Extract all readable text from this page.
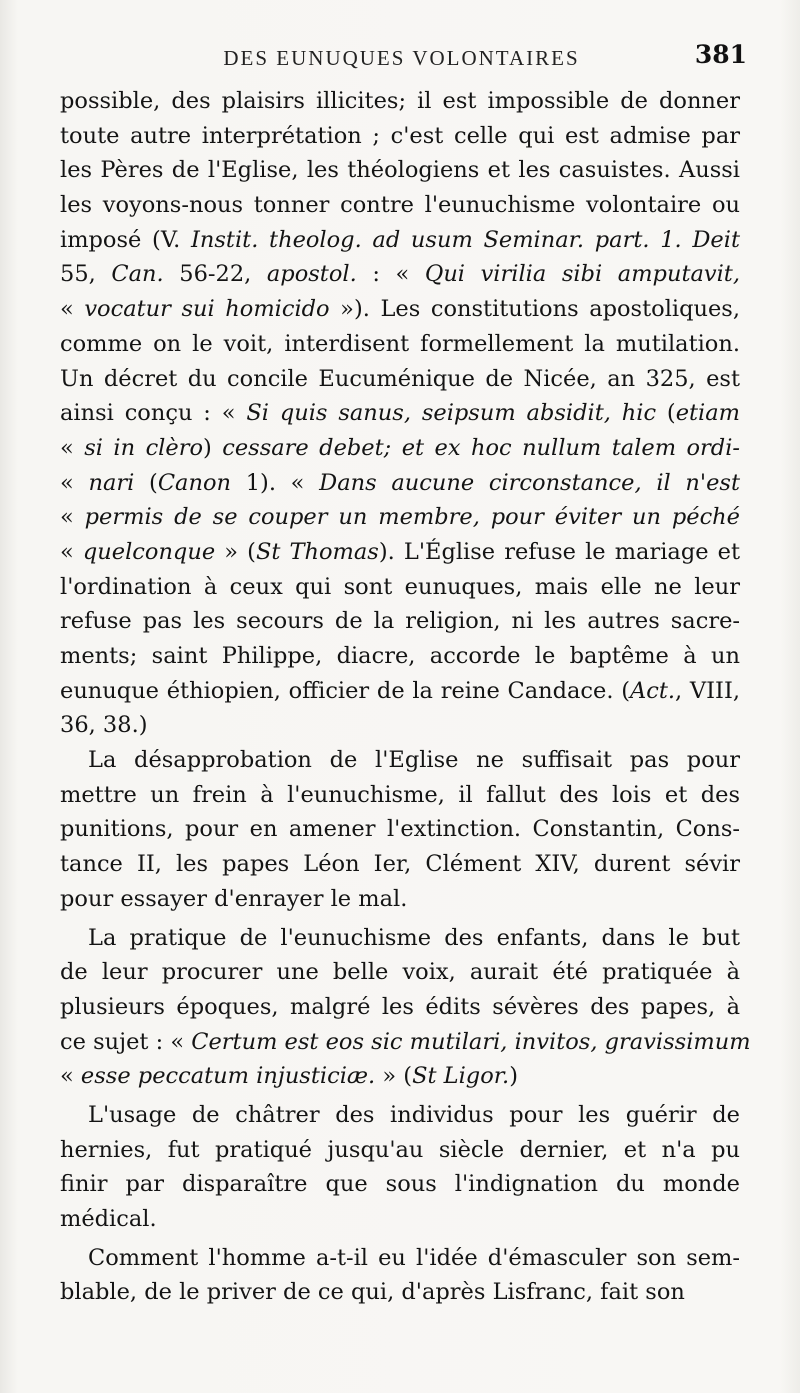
DES EUNUQUES VOLONTAIRES	381
possible, des plaisirs illicites; il est impossible de donner
toute autre interprétation ; c'est celle qui est admise par
les Pères de l'Eglise, les théologiens et les casuistes. Aussi
les voyons-nous tonner contre l'eunuchisme volontaire ou
imposé (V. Instit. theolog. ad usum Seminar. part. 1. Deit
55, Can. 56-22, apostol. : « Qui virilia sibi amputavit,
« vocatur sui homicido »). Les constitutions apostoliques,
comme on le voit, interdisent formellement la mutilation.
Un décret du concile Eucuménique de Nicée, an 325, est
ainsi conçu : « Si quis sanus, seipsum absidit, hic (etiam
« si in clèro) cessare debet; et ex hoc nullum talem ordi-
« nari (Canon 1). « Dans aucune circonstance, il n'est
« permis de se couper un membre, pour éviter un péché
« quelconque » (St Thomas). L'Église refuse le mariage et
l'ordination à ceux qui sont eunuques, mais elle ne leur
refuse pas les secours de la religion, ni les autres sacre-
ments; saint Philippe, diacre, accorde le baptême à un
eunuque éthiopien, officier de la reine Candace. (Act., VIII,
36, 38.)
La désapprobation de l'Eglise ne suffisait pas pour
mettre un frein à l'eunuchisme, il fallut des lois et des
punitions, pour en amener l'extinction. Constantin, Cons-
tance II, les papes Léon Ier, Clément XIV, durent sévir
pour essayer d'enrayer le mal.
La pratique de l'eunuchisme des enfants, dans le but
de leur procurer une belle voix, aurait été pratiquée à
plusieurs époques, malgré les édits sévères des papes, à
ce sujet : « Certum est eos sic mutilari, invitos, gravissimum
« esse peccatum injusticiæ. » (St Ligor.)
L'usage de châtrer des individus pour les guérir de
hernies, fut pratiqué jusqu'au siècle dernier, et n'a pu
finir par disparaître que sous l'indignation du monde
médical.
Comment l'homme a-t-il eu l'idée d'émasculer son sem-
blable, de le priver de ce qui, d'après Lisfranc, fait son
